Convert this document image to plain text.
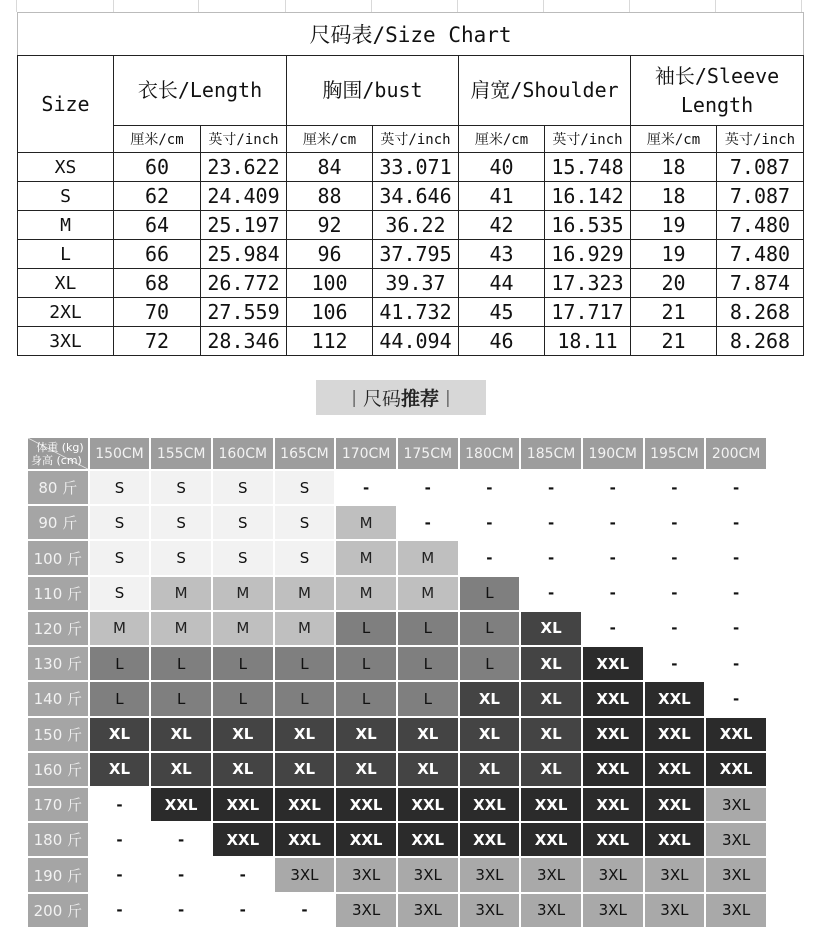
尺码表/Size Chart								
Size	衣长/Length		胸围/bust		肩宽/Shoulder		袖长/Sleeve Length	
	厘米/cm	英寸/inch	厘米/cm	英寸/inch	厘米/cm	英寸/inch	厘米/cm	英寸/inch
XS	60	23.622	84	33.071	40	15.748	18	7.087
S	62	24.409	88	34.646	41	16.142	18	7.087
M	64	25.197	92	36.22	42	16.535	19	7.480
L	66	25.984	96	37.795	43	16.929	19	7.480
XL	68	26.772	100	39.37	44	17.323	20	7.874
2XL	70	27.559	106	41.732	45	17.717	21	8.268
3XL	72	28.346	112	44.094	46	18.11	21	8.268
| 尺码 推荐 |
体重 (kg)
身高 (cm)	150CM	155CM	160CM	165CM	170CM	175CM	180CM	185CM	190CM	195CM	200CM
80 斤	S	S	S	S	-	-	-	-	-	-	-
90 斤	S	S	S	S	M	-	-	-	-	-	-
100 斤	S	S	S	S	M	M	-	-	-	-	-
110 斤	S	M	M	M	M	M	L	-	-	-	-
120 斤	M	M	M	M	L	L	L	XL	-	-	-
130 斤	L	L	L	L	L	L	L	XL	XXL	-	-
140 斤	L	L	L	L	L	L	XL	XL	XXL	XXL	-
150 斤	XL	XL	XL	XL	XL	XL	XL	XL	XXL	XXL	XXL
160 斤	XL	XL	XL	XL	XL	XL	XL	XL	XXL	XXL	XXL
170 斤	-	XXL	XXL	XXL	XXL	XXL	XXL	XXL	XXL	XXL	3XL
180 斤	-	-	XXL	XXL	XXL	XXL	XXL	XXL	XXL	XXL	3XL
190 斤	-	-	-	3XL	3XL	3XL	3XL	3XL	3XL	3XL	3XL
200 斤	-	-	-	-	3XL	3XL	3XL	3XL	3XL	3XL	3XL
